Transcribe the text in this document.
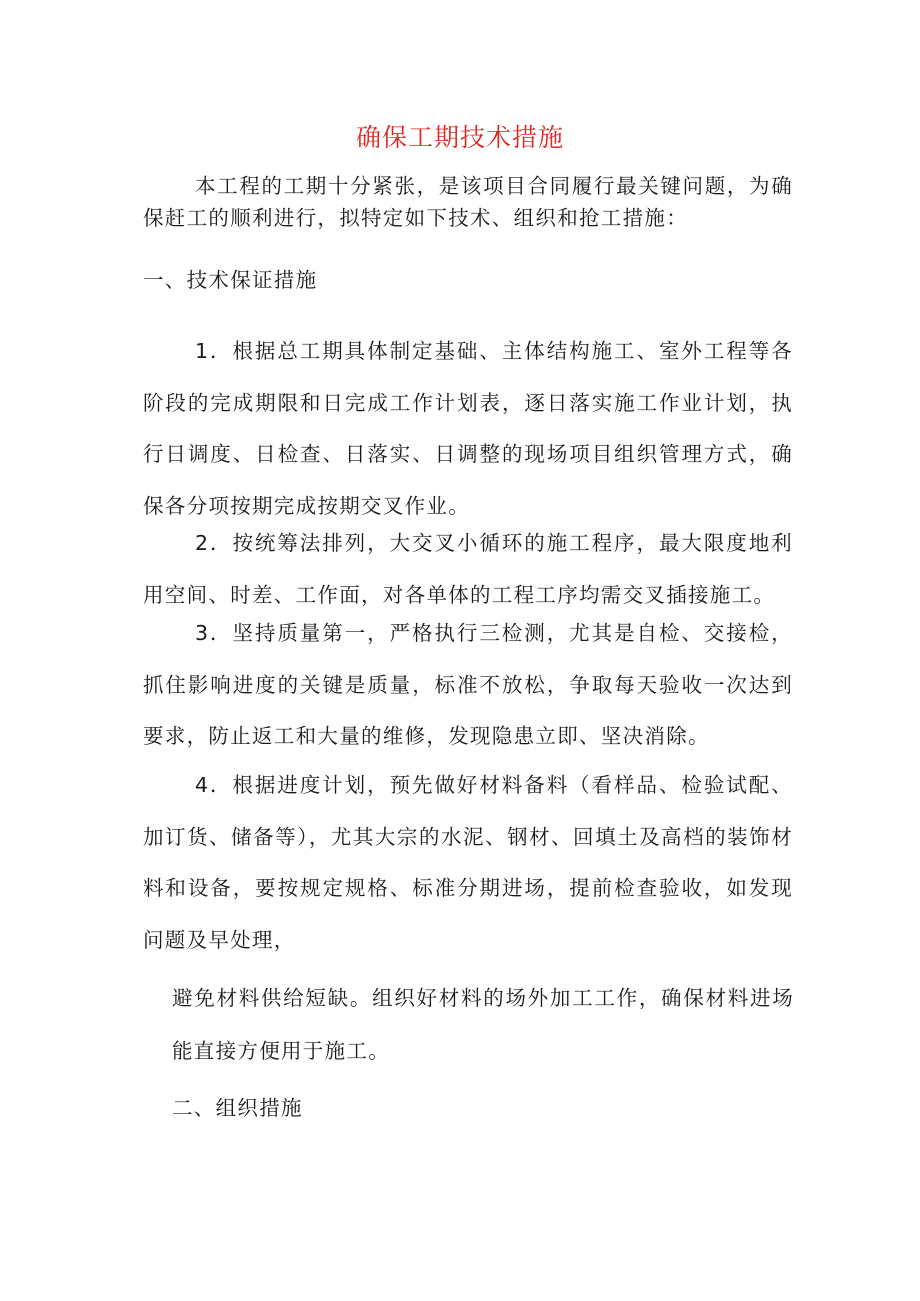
确保工期技术措施

本工程的工期十分紧张，是该项目合同履行最关键问题，为确保赶工的顺利进行，拟特定如下技术、组织和抢工措施：

一、技术保证措施

1．根据总工期具体制定基础、主体结构施工、室外工程等各阶段的完成期限和日完成工作计划表，逐日落实施工作业计划，执行日调度、日检查、日落实、日调整的现场项目组织管理方式，确保各分项按期完成按期交叉作业。

2．按统筹法排列，大交叉小循环的施工程序，最大限度地利用空间、时差、工作面，对各单体的工程工序均需交叉插接施工。

3．坚持质量第一，严格执行三检测，尤其是自检、交接检，抓住影响进度的关键是质量，标准不放松，争取每天验收一次达到要求，防止返工和大量的维修，发现隐患立即、坚决消除。

4．根据进度计划，预先做好材料备料（看样品、检验试配、加订货、储备等），尤其大宗的水泥、钢材、回填土及高档的装饰材料和设备，要按规定规格、标准分期进场，提前检查验收，如发现问题及早处理，

避免材料供给短缺。组织好材料的场外加工工作，确保材料进场能直接方便用于施工。

二、组织措施
